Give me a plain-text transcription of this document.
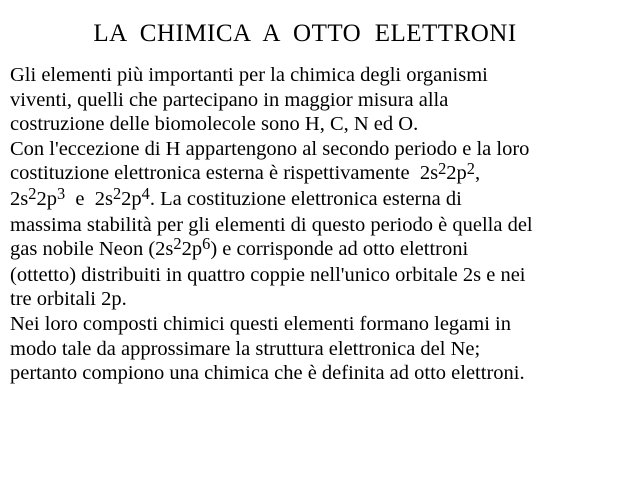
LA  CHIMICA  A  OTTO  ELETTRONI
Gli elementi più importanti per la chimica degli organismi
viventi, quelli che partecipano in maggior misura alla
costruzione delle biomolecole sono H, C, N ed O.
Con l'eccezione di H appartengono al secondo periodo e la loro
costituzione elettronica esterna è rispettivamente  $2s^22p^2$,
$2s^22p^3$  e  $2s^22p^4$. La costituzione elettronica esterna di
massima stabilità per gli elementi di questo periodo è quella del
gas nobile Neon $(2s^22p^6)$ e corrisponde ad otto elettroni
(ottetto) distribuiti in quattro coppie nell'unico orbitale 2s e nei
tre orbitali 2p.
Nei loro composti chimici questi elementi formano legami in
modo tale da approssimare la struttura elettronica del Ne;
pertanto compiono una chimica che è definita ad otto elettroni.
